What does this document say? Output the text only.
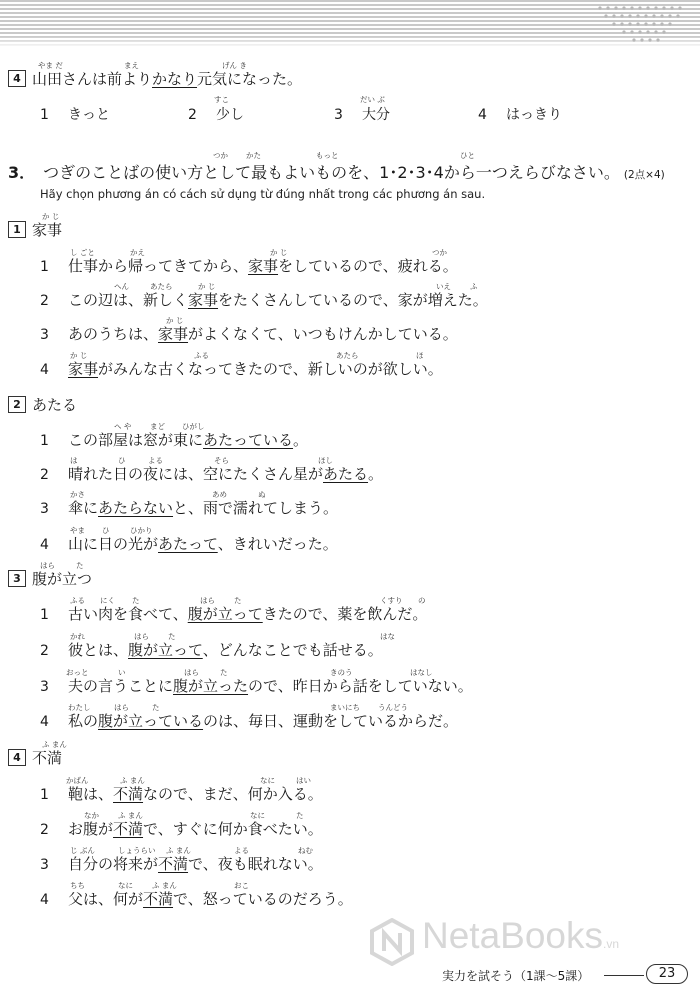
4 山田さんは前よりかなり元気になった。
やま だ	まえ	げん き
1 きっと	2 少し
すこ
3 大分
だい ぶ
4 はっきり
3． つぎのことばの使い方として最もよいものを、1･2･3･4から一つえらびなさい。 (2点×4)
つか かた	もっと	ひと
Hãy chọn phương án có cách sử dụng từ đúng nhất trong các phương án sau.
1 家事
か じ
1 仕事から帰ってきてから、家事をしているので、疲れる。
し ごと	かえ	か じ	つか
2 この辺は、新しく家事をたくさんしているので、家が増えた。
へん	あたら	か じ	いえ	ふ
3 あのうちは、家事がよくなくて、いつもけんかしている。
か じ
4 家事がみんな古くなってきたので、新しいのが欲しい。
か じ	ふる	あたら	ほ
2 あたる
1 この部屋は窓が東にあたっている。
へ や まど ひがし
2 晴れた日の夜には、空にたくさん星があたる。
は	ひ	よる	そら	ほし
3 傘にあたらないと、雨で濡れてしまう。
かさ	あめ	ぬ
4 山に日の光があたって、きれいだった。
やま ひ	ひかり
3 腹が立つ
はら	た
1 古い肉を食べて、腹が立ってきたので、薬を飲んだ。
ふる にく た	はら	た	くすり の
2 彼とは、腹が立って、どんなことでも話せる。
かれ	はら	た	はな
3 夫の言うことに腹が立ったので、昨日から話をしていない。
おっと	い	はら	た	きのう	はなし
4 私の腹が立っているのは、毎日、運動をしているからだ。
わたし	はら	た	まいにち うんどう
4 不満
ふ まん
1 鞄は、不満なので、まだ、何か入る。
かばん	ふ まん	なに	はい
2 お腹が不満で、すぐに何か食べたい。
なか	ふ まん	なに	た
3 自分の将来が不満で、夜も眠れない。
じ ぶん	しょうらい ふ まん	よる	ねむ
4 父は、何が不満で、怒っているのだろう。
ちち	なに	ふ まん	おこ
NetaBooks.vn
実力を試そう（1課〜5課）	23
